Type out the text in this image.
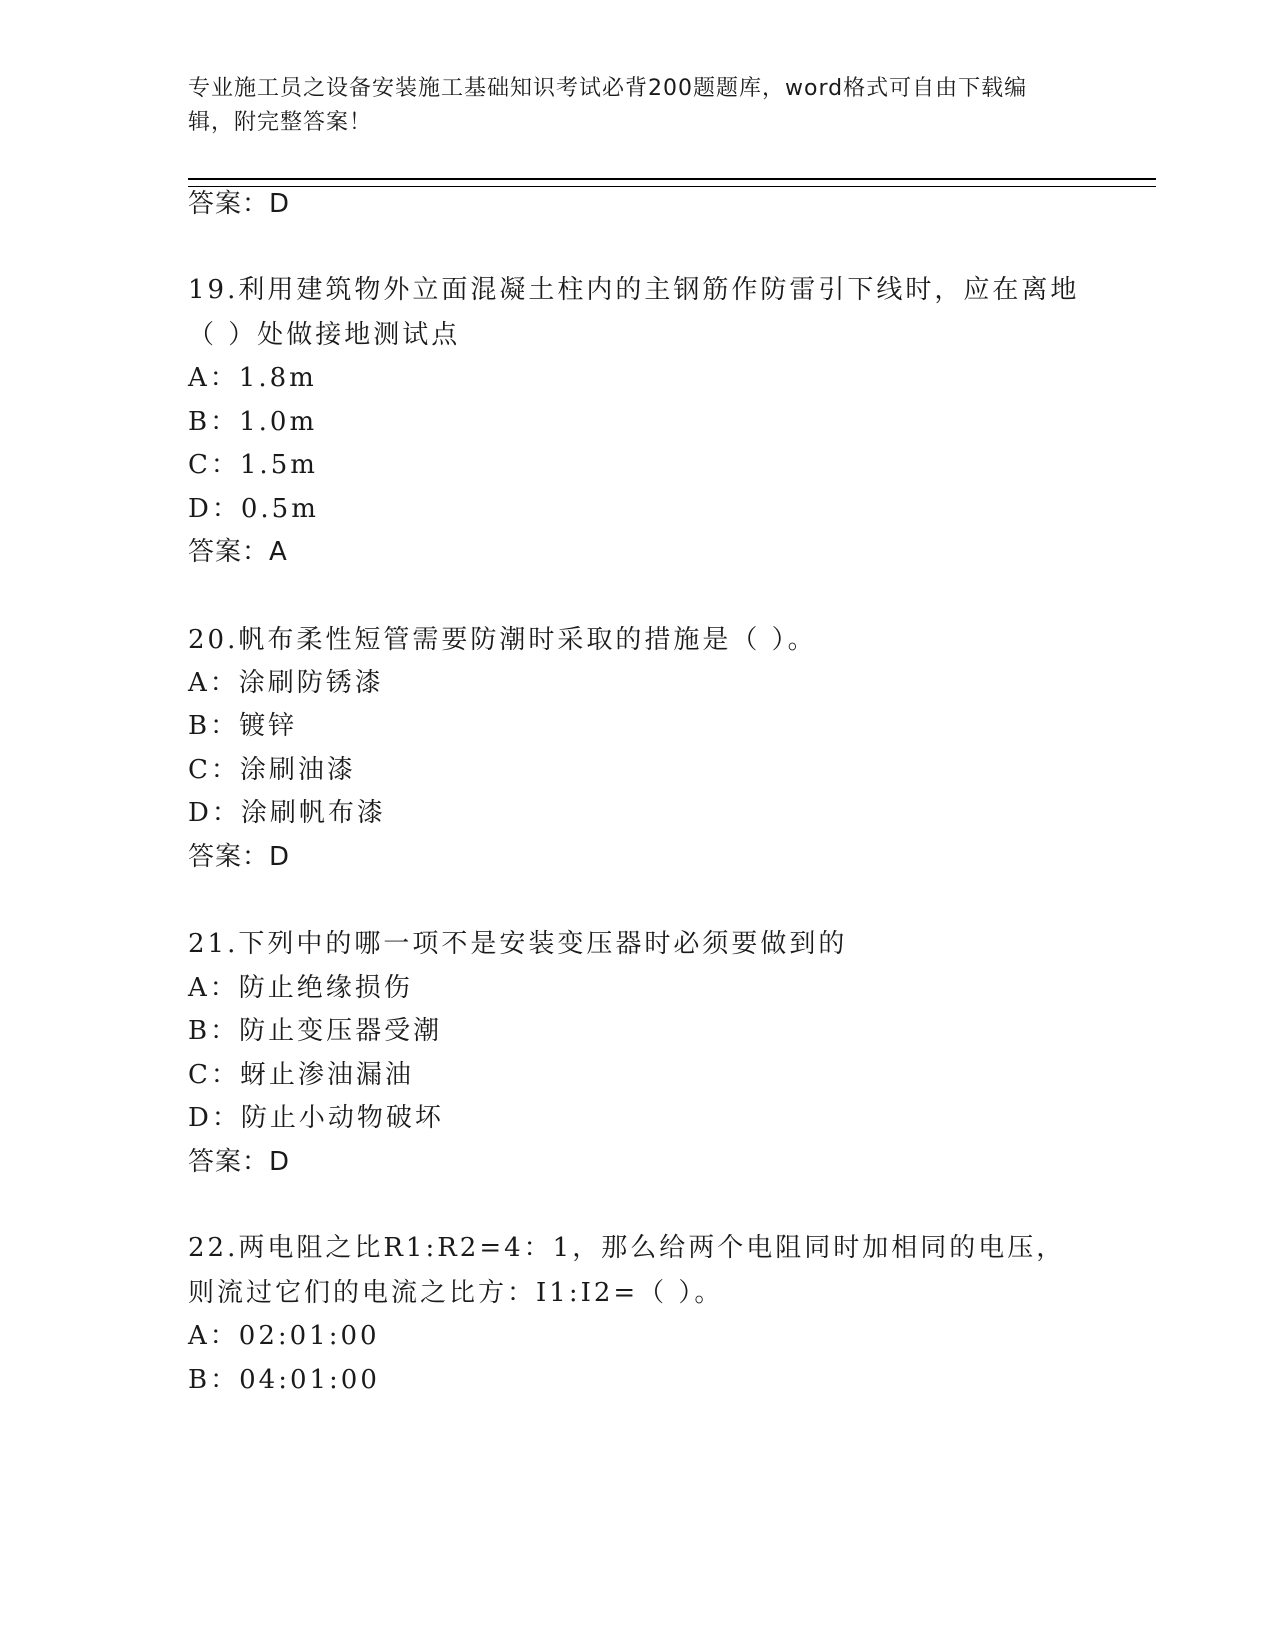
专业施工员之设备安装施工基础知识考试必背200题题库，word格式可自由下载编辑，附完整答案！
答案：D
19.利用建筑物外立面混凝土柱内的主钢筋作防雷引下线时，应在离地（ ）处做接地测试点
A：1.8m
B：1.0m
C：1.5m
D：0.5m
答案：A
20.帆布柔性短管需要防潮时采取的措施是（ ）。
A：涂刷防锈漆
B：镀锌
C：涂刷油漆
D：涂刷帆布漆
答案：D
21.下列中的哪一项不是安装变压器时必须要做到的
A：防止绝缘损伤
B：防止变压器受潮
C：蚜止渗油漏油
D：防止小动物破坏
答案：D
22.两电阻之比R1:R2=4：1，那么给两个电阻同时加相同的电压，则流过它们的电流之比方：I1:I2=（ ）。
A：02:01:00
B：04:01:00
